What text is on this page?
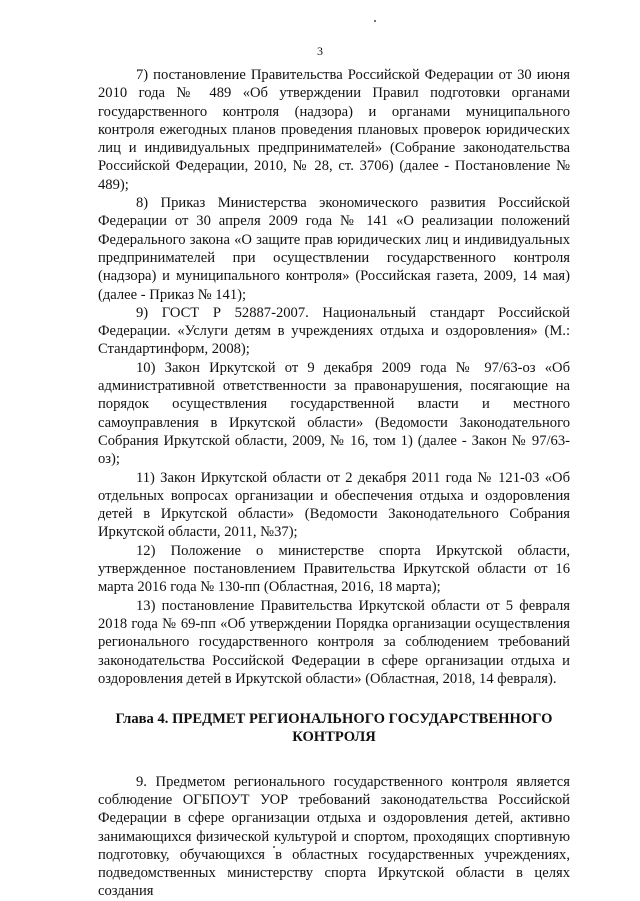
3

7) постановление Правительства Российской Федерации от 30 июня 2010 года № 489 «Об утверждении Правил подготовки органами государственного контроля (надзора) и органами муниципального контроля ежегодных планов проведения плановых проверок юридических лиц и индивидуальных предпринимателей» (Собрание законодательства Российской Федерации, 2010, № 28, ст. 3706) (далее - Постановление № 489);

8) Приказ Министерства экономического развития Российской Федерации от 30 апреля 2009 года № 141 «О реализации положений Федерального закона «О защите прав юридических лиц и индивидуальных предпринимателей при осуществлении государственного контроля (надзора) и муниципального контроля» (Российская газета, 2009, 14 мая) (далее - Приказ № 141);

9) ГОСТ Р 52887-2007. Национальный стандарт Российской Федерации. «Услуги детям в учреждениях отдыха и оздоровления» (М.: Стандартинформ, 2008);

10) Закон Иркутской от 9 декабря 2009 года № 97/63-оз «Об административной ответственности за правонарушения, посягающие на порядок осуществления государственной власти и местного самоуправления в Иркутской области» (Ведомости Законодательного Собрания Иркутской области, 2009, № 16, том 1) (далее - Закон № 97/63-оз);

11) Закон Иркутской области от 2 декабря 2011 года № 121-03 «Об отдельных вопросах организации и обеспечения отдыха и оздоровления детей в Иркутской области» (Ведомости Законодательного Собрания Иркутской области, 2011, №37);

12) Положение о министерстве спорта Иркутской области, утвержденное постановлением Правительства Иркутской области от 16 марта 2016 года № 130-пп (Областная, 2016, 18 марта);

13) постановление Правительства Иркутской области от 5 февраля 2018 года № 69-пп «Об утверждении Порядка организации осуществления регионального государственного контроля за соблюдением требований законодательства Российской Федерации в сфере организации отдыха и оздоровления детей в Иркутской области» (Областная, 2018, 14 февраля).

Глава 4. ПРЕДМЕТ РЕГИОНАЛЬНОГО ГОСУДАРСТВЕННОГО КОНТРОЛЯ

9. Предметом регионального государственного контроля является соблюдение ОГБПОУТ УОР требований законодательства Российской Федерации в сфере организации отдыха и оздоровления детей, активно занимающихся физической культурой и спортом, проходящих спортивную подготовку, обучающихся в областных государственных учреждениях, подведомственных министерству спорта Иркутской области в целях создания
